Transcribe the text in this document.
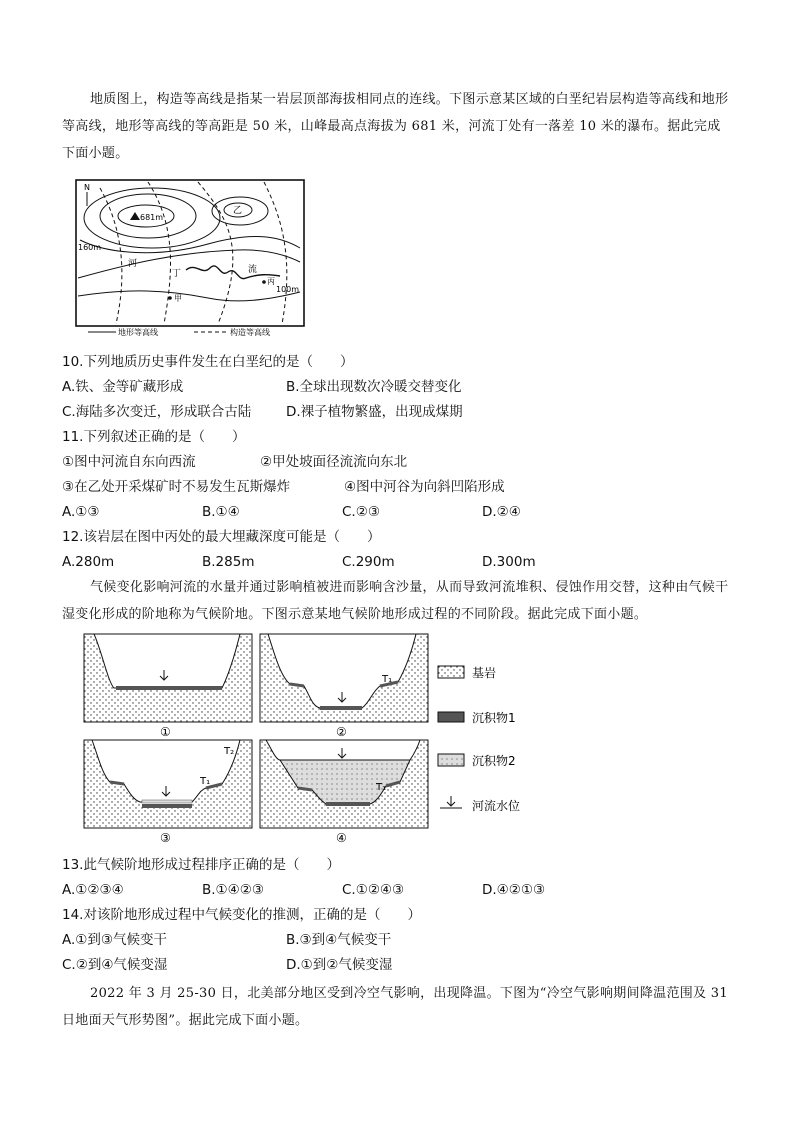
地质图上，构造等高线是指某一岩层顶部海拔相同点的连线。下图示意某区域的白垩纪岩层构造等高线和地形等高线，地形等高线的等高距是 50 米，山峰最高点海拔为 681 米，河流丁处有一落差 10 米的瀑布。据此完成下面小题。
N
681m
乙
160m
河
丁	流
丙
100m
甲
地形等高线	构造等高线
10.下列地质历史事件发生在白垩纪的是（　　）
A.铁、金等矿藏形成	B.全球出现数次冷暖交替变化
C.海陆多次变迁，形成联合古陆	D.裸子植物繁盛，出现成煤期
11.下列叙述正确的是（　　）
①图中河流自东向西流	②甲处坡面径流流向东北
③在乙处开采煤矿时不易发生瓦斯爆炸	④图中河谷为向斜凹陷形成
A.①③	B.①④	C.②③	D.②④
12.该岩层在图中丙处的最大埋藏深度可能是（　　）
A.280m	B.285m	C.290m	D.300m
气候变化影响河流的水量并通过影响植被进而影响含沙量，从而导致河流堆积、侵蚀作用交替，这种由气候干湿变化形成的阶地称为气候阶地。下图示意某地气候阶地形成过程的不同阶段。据此完成下面小题。
①
T₁
②
T₁
T₂
③
T₁
④
基岩
沉积物1
沉积物2
河流水位
13.此气候阶地形成过程排序正确的是（　　）
A.①②③④	B.①④②③	C.①②④③	D.④②①③
14.对该阶地形成过程中气候变化的推测，正确的是（　　）
A.①到③气候变干	B.③到④气候变干
C.②到④气候变湿	D.①到②气候变湿
2022 年 3 月 25-30 日，北美部分地区受到冷空气影响，出现降温。下图为“冷空气影响期间降温范围及 31 日地面天气形势图”。据此完成下面小题。
